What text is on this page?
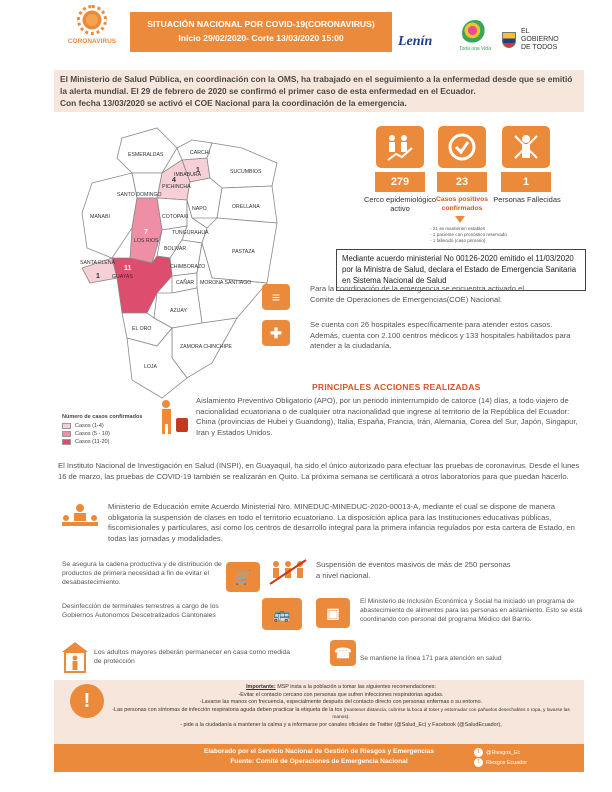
CORONAVIRUS
SITUACIÓN NACIONAL POR COVID-19(CORONAVIRUS)
Inicio 29/02/2020- Corte 13/03/2020 15:00	Lenín	Toda una Vida
EL
GOBIERNO
DE TODOS
El Ministerio de Salud Pública, en coordinación con la OMS, ha trabajado en el seguimiento a la enfermedad desde que se emitió la alerta mundial. El 29 de febrero de 2020 se confirmó el primer caso de esta enfermedad en el Ecuador.
Con fecha 13/03/2020 se activó el COE Nacional para la coordinación de la emergencia.
CARCHI
ESMERALDAS
IMBABURA	SUCUMBIOS
PICHINCHA
SANTO DOMINGO
NAPO
MANABI	COTOPAXI
ORELLANA
LOS RIOS
TUNGURAHUA
BOLIVAR	PASTAZA
CHIMBORAZO
SANTA ELENA
GUAYAS
CAÑAR MORONA SANTIAGO
AZUAY
EL ORO
ZAMORA CHINCHIPE
LOJA
4
1
11
7
1
Número de casos confirmados
Casos (1-4)
Casos (5 - 10)
Casos (11-20)
279
Cerco epidemiológico activo
23
Casos positivos confirmados
1
Personas Fallecidas
- 21 se mantienen estables
- 1 paciente con pronóstico reservado
- 1 fallecido (caso primario)
Mediante acuerdo ministerial No 00126-2020 emitido el 11/03/2020 por la Ministra de Salud, declara el Estado de Emergencia Sanitaria en Sistema Nacional de Salud
≡
Para la coordinación de la emergencia se encuentra activado el Comite de Operaciones de Emergencias(COE) Nacional.
✚	Se cuenta con 26 hospitales específicamente para atender estos casos. Además, cuenta con 2.100 centros médicos y 133 hospitales habilitados para atender a la ciudadanía.
PRINCIPALES ACCIONES REALIZADAS
Aislamiento Preventivo Obligatorio (APO), por un periodo ininterrumpido de catorce (14) días, a todo viajero de nacionalidad ecuatoriana o de cualquier otra nacionalidad que ingrese al territorio de la República del Ecuador: China (provincias de Hubei y Guandong), Italia, España, Francia, Irán, Alemania, Corea del Sur, Japón, Singapur, Iran y Estados Unidos.
El Instituto Nacional de Investigación en Salud (INSPI), en Guayaquil, ha sido el único autorizado para efectuar las pruebas de coronavirus. Desde el lunes 16 de marzo, las pruebas de COVID-19 también se realizarán en Quito. La próxima semana se certificará a otros laboratorios para que puedan hacerlo.
Ministerio de Educación emite Acuerdo Ministerial Nro. MINEDUC-MINEDUC-2020-00013-A, mediante el cual se dispone de manera obligatoria la suspensión de clases en todo el territorio ecuatoriano. La disposición aplica para las Instituciones educativas públicas, fiscomisionales y particulares, así como los centros de desarrollo integral para la primera infancia regulados por esta cartera de Estado, en todas las jornadas y modalidades.
Se asegura la cadena productiva y de distribución de productos de primera necesidad a fin de evitar el desabastecimiento.	🛒
Suspensión de eventos masivos de más de 250 personas a nivel nacional.
Desinfección de terminales terrestres a cargo de los Gobiernos Autonomos Descetralizados Cantonales	🚌	▣
El Ministerio de Inclusión Económica y Social ha iniciado un programa de abastecimiento de alimentos para las personas en aislamiento. Esto se está coordinando con personal del programa Médico del Barrio.
Los adultos mayores deberán permanecer en casa como medida de protección
☎	Se mantiene la línea 171 para atención en salud
Importante: MSP insta a la población a tomar las siguientes recomendaciones:
-Evitar el contacto cercano con personas que sufren infecciones respiratorias agudas.
-Lavarse las manos con frecuencia, especialmente después del contacto directo con personas enfermas o su entorno.
-Las personas con síntomas de infección respiratoria aguda deben practicar la etiqueta de la tos (mantener distancia, cubrirse la boca al toser y estornudar con pañuelos desechables o ropa, y lavarse las manos).
- pide a la ciudadanía a mantener la calma y a informarse por canales oficiales de Twitter (@Salud_Ec) y Facebook (@SaludEcuador),
!
Elaborado por el Servicio Nacional de Gestión de Riesgos y Emergencias
Fuente: Comité de Operaciones de Emergencia Nacional
t @Riesgos_Ec
f Riesgos Ecuador
